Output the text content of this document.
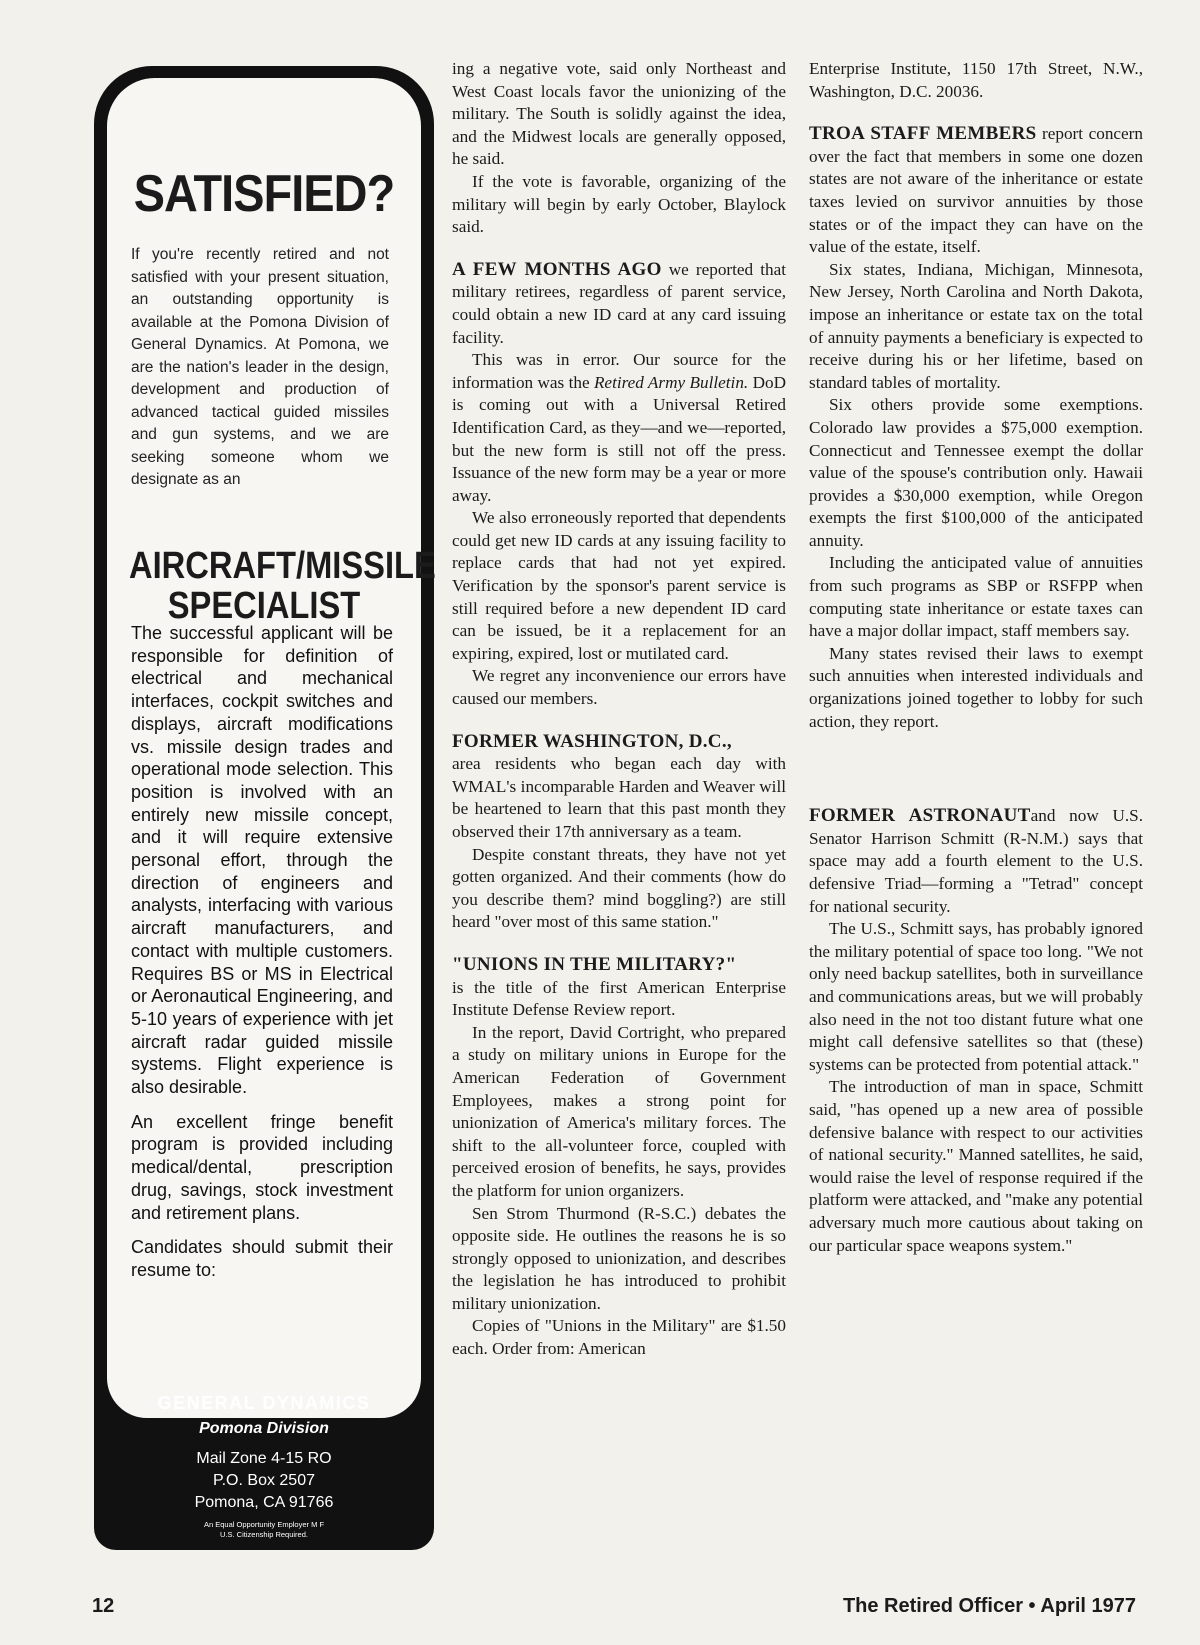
SATISFIED?
If you're recently retired and not satisfied with your present situation, an outstanding opportunity is available at the Pomona Division of General Dynamics. At Pomona, we are the nation's leader in the design, development and production of advanced tactical guided missiles and gun systems, and we are seeking someone whom we designate as an
AIRCRAFT/MISSILE SPECIALIST

The successful applicant will be responsible for definition of electrical and mechanical interfaces, cockpit switches and displays, aircraft modifications vs. missile design trades and operational mode selection. This position is involved with an entirely new missile concept, and it will require extensive personal effort, through the direction of engineers and analysts, interfacing with various aircraft manufacturers, and contact with multiple customers. Requires BS or MS in Electrical or Aeronautical Engineering, and 5-10 years of experience with jet aircraft radar guided missile systems. Flight experience is also desirable.

An excellent fringe benefit program is provided including medical/dental, prescription drug, savings, stock investment and retirement plans.

Candidates should submit their resume to:

GENERAL DYNAMICS
Pomona Division
Mail Zone 4-15 RO
P.O. Box 2507
Pomona, CA 91766
An Equal Opportunity Employer M F
U.S. Citizenship Required.

ing a negative vote, said only Northeast and West Coast locals favor the unionizing of the military. The South is solidly against the idea, and the Midwest locals are generally opposed, he said.

If the vote is favorable, organizing of the military will begin by early October, Blaylock said.

A FEW MONTHS AGO we reported that military retirees, regardless of parent service, could obtain a new ID card at any card issuing facility.

This was in error. Our source for the information was the Retired Army Bulletin. DoD is coming out with a Universal Retired Identification Card, as they—and we—reported, but the new form is still not off the press. Issuance of the new form may be a year or more away.

We also erroneously reported that dependents could get new ID cards at any issuing facility to replace cards that had not yet expired. Verification by the sponsor's parent service is still required before a new dependent ID card can be issued, be it a replacement for an expiring, expired, lost or mutilated card.

We regret any inconvenience our errors have caused our members.

FORMER WASHINGTON, D.C.,

area residents who began each day with WMAL's incomparable Harden and Weaver will be heartened to learn that this past month they observed their 17th anniversary as a team.

Despite constant threats, they have not yet gotten organized. And their comments (how do you describe them? mind boggling?) are still heard "over most of this same station."

"UNIONS IN THE MILITARY?"

is the title of the first American Enterprise Institute Defense Review report.

In the report, David Cortright, who prepared a study on military unions in Europe for the American Federation of Government Employees, makes a strong point for unionization of America's military forces. The shift to the all-volunteer force, coupled with perceived erosion of benefits, he says, provides the platform for union organizers.

Sen Strom Thurmond (R-S.C.) debates the opposite side. He outlines the reasons he is so strongly opposed to unionization, and describes the legislation he has introduced to prohibit military unionization.

Copies of "Unions in the Military" are $1.50 each. Order from: American

Enterprise Institute, 1150 17th Street, N.W., Washington, D.C. 20036.

TROA STAFF MEMBERS report concern over the fact that members in some one dozen states are not aware of the inheritance or estate taxes levied on survivor annuities by those states or of the impact they can have on the value of the estate, itself.

Six states, Indiana, Michigan, Minnesota, New Jersey, North Carolina and North Dakota, impose an inheritance or estate tax on the total of annuity payments a beneficiary is expected to receive during his or her lifetime, based on standard tables of mortality.

Six others provide some exemptions. Colorado law provides a $75,000 exemption. Connecticut and Tennessee exempt the dollar value of the spouse's contribution only. Hawaii provides a $30,000 exemption, while Oregon exempts the first $100,000 of the anticipated annuity.

Including the anticipated value of annuities from such programs as SBP or RSFPP when computing state inheritance or estate taxes can have a major dollar impact, staff members say.

Many states revised their laws to exempt such annuities when interested individuals and organizations joined together to lobby for such action, they report.

FORMER ASTRONAUTand now U.S. Senator Harrison Schmitt (R-N.M.) says that space may add a fourth element to the U.S. defensive Triad—forming a "Tetrad" concept for national security.

The U.S., Schmitt says, has probably ignored the military potential of space too long. "We not only need backup satellites, both in surveillance and communications areas, but we will probably also need in the not too distant future what one might call defensive satellites so that (these) systems can be protected from potential attack."

The introduction of man in space, Schmitt said, "has opened up a new area of possible defensive balance with respect to our activities of national security." Manned satellites, he said, would raise the level of response required if the platform were attacked, and "make any potential adversary much more cautious about taking on our particular space weapons system."

12	The Retired Officer • April 1977
